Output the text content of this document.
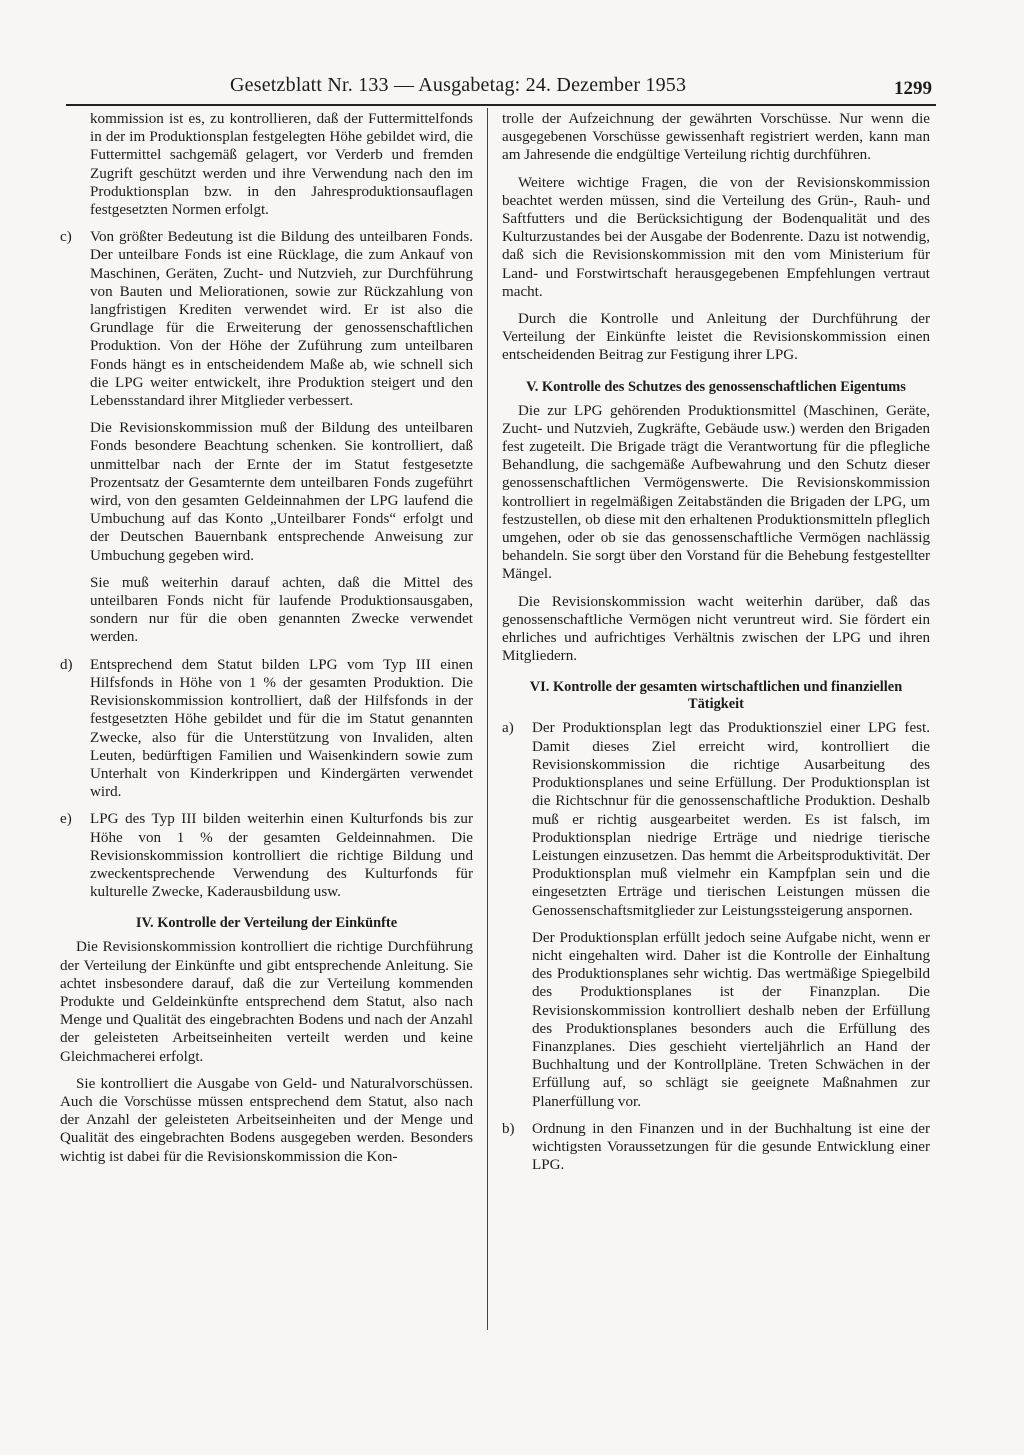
Gesetzblatt Nr. 133 — Ausgabetag: 24. Dezember 1953	1299

kommission ist es, zu kontrollieren, daß der Futtermittelfonds in der im Produktionsplan festgelegten Höhe gebildet wird, die Futtermittel sachgemäß gelagert, vor Verderb und fremden Zugrift geschützt werden und ihre Verwendung nach den im Produktionsplan bzw. in den Jahresproduktionsauflagen festgesetzten Normen erfolgt.

c)	Von größter Bedeutung ist die Bildung des unteilbaren Fonds. Der unteilbare Fonds ist eine Rücklage, die zum Ankauf von Maschinen, Geräten, Zucht- und Nutzvieh, zur Durchführung von Bauten und Meliorationen, sowie zur Rückzahlung von langfristigen Krediten verwendet wird. Er ist also die Grundlage für die Erweiterung der genossenschaftlichen Produktion. Von der Höhe der Zuführung zum unteilbaren Fonds hängt es in entscheidendem Maße ab, wie schnell sich die LPG weiter entwickelt, ihre Produktion steigert und den Lebensstandard ihrer Mitglieder verbessert.

Die Revisionskommission muß der Bildung des unteilbaren Fonds besondere Beachtung schenken. Sie kontrolliert, daß unmittelbar nach der Ernte der im Statut festgesetzte Prozentsatz der Gesamternte dem unteilbaren Fonds zugeführt wird, von den gesamten Geldeinnahmen der LPG laufend die Umbuchung auf das Konto „Unteilbarer Fonds“ erfolgt und der Deutschen Bauernbank entsprechende Anweisung zur Umbuchung gegeben wird.

Sie muß weiterhin darauf achten, daß die Mittel des unteilbaren Fonds nicht für laufende Produktionsausgaben, sondern nur für die oben genannten Zwecke verwendet werden.

d)	Entsprechend dem Statut bilden LPG vom Typ III einen Hilfsfonds in Höhe von 1 % der gesamten Produktion. Die Revisionskommission kontrolliert, daß der Hilfsfonds in der festgesetzten Höhe gebildet und für die im Statut genannten Zwecke, also für die Unterstützung von Invaliden, alten Leuten, bedürftigen Familien und Waisenkindern sowie zum Unterhalt von Kinderkrippen und Kindergärten verwendet wird.

e)	LPG des Typ III bilden weiterhin einen Kulturfonds bis zur Höhe von 1 % der gesamten Geldeinnahmen. Die Revisionskommission kontrolliert die richtige Bildung und zweckentsprechende Verwendung des Kulturfonds für kulturelle Zwecke, Kaderausbildung usw.

IV. Kontrolle der Verteilung der Einkünfte

Die Revisionskommission kontrolliert die richtige Durchführung der Verteilung der Einkünfte und gibt entsprechende Anleitung. Sie achtet insbesondere darauf, daß die zur Verteilung kommenden Produkte und Geldeinkünfte entsprechend dem Statut, also nach Menge und Qualität des eingebrachten Bodens und nach der Anzahl der geleisteten Arbeitseinheiten verteilt werden und keine Gleichmacherei erfolgt.

Sie kontrolliert die Ausgabe von Geld- und Naturalvorschüssen. Auch die Vorschüsse müssen entsprechend dem Statut, also nach der Anzahl der geleisteten Arbeitseinheiten und der Menge und Qualität des eingebrachten Bodens ausgegeben werden. Besonders wichtig ist dabei für die Revisionskommission die Kon-

trolle der Aufzeichnung der gewährten Vorschüsse. Nur wenn die ausgegebenen Vorschüsse gewissenhaft registriert werden, kann man am Jahresende die endgültige Verteilung richtig durchführen.

Weitere wichtige Fragen, die von der Revisionskommission beachtet werden müssen, sind die Verteilung des Grün-, Rauh- und Saftfutters und die Berücksichtigung der Bodenqualität und des Kulturzustandes bei der Ausgabe der Bodenrente. Dazu ist notwendig, daß sich die Revisionskommission mit den vom Ministerium für Land- und Forstwirtschaft herausgegebenen Empfehlungen vertraut macht.

Durch die Kontrolle und Anleitung der Durchführung der Verteilung der Einkünfte leistet die Revisionskommission einen entscheidenden Beitrag zur Festigung ihrer LPG.

V. Kontrolle des Schutzes des genossenschaftlichen Eigentums

Die zur LPG gehörenden Produktionsmittel (Maschinen, Geräte, Zucht- und Nutzvieh, Zugkräfte, Gebäude usw.) werden den Brigaden fest zugeteilt. Die Brigade trägt die Verantwortung für die pflegliche Behandlung, die sachgemäße Aufbewahrung und den Schutz dieser genossenschaftlichen Vermögenswerte. Die Revisionskommission kontrolliert in regelmäßigen Zeitabständen die Brigaden der LPG, um festzustellen, ob diese mit den erhaltenen Produktionsmitteln pfleglich umgehen, oder ob sie das genossenschaftliche Vermögen nachlässig behandeln. Sie sorgt über den Vorstand für die Behebung festgestellter Mängel.

Die Revisionskommission wacht weiterhin darüber, daß das genossenschaftliche Vermögen nicht veruntreut wird. Sie fördert ein ehrliches und aufrichtiges Verhältnis zwischen der LPG und ihren Mitgliedern.

VI. Kontrolle der gesamten wirtschaftlichen und finanziellen Tätigkeit
a)	Der Produktionsplan legt das Produktionsziel einer LPG fest. Damit dieses Ziel erreicht wird, kontrolliert die Revisionskommission die richtige Ausarbeitung des Produktionsplanes und seine Erfüllung. Der Produktionsplan ist die Richtschnur für die genossenschaftliche Produktion. Deshalb muß er richtig ausgearbeitet werden. Es ist falsch, im Produktionsplan niedrige Erträge und niedrige tierische Leistungen einzusetzen. Das hemmt die Arbeitsproduktivität. Der Produktionsplan muß vielmehr ein Kampfplan sein und die eingesetzten Erträge und tierischen Leistungen müssen die Genossenschaftsmitglieder zur Leistungssteigerung anspornen.

Der Produktionsplan erfüllt jedoch seine Aufgabe nicht, wenn er nicht eingehalten wird. Daher ist die Kontrolle der Einhaltung des Produktionsplanes sehr wichtig. Das wertmäßige Spiegelbild des Produktionsplanes ist der Finanzplan. Die Revisionskommission kontrolliert deshalb neben der Erfüllung des Produktionsplanes besonders auch die Erfüllung des Finanzplanes. Dies geschieht vierteljährlich an Hand der Buchhaltung und der Kontrollpläne. Treten Schwächen in der Erfüllung auf, so schlägt sie geeignete Maßnahmen zur Planerfüllung vor.

b)	Ordnung in den Finanzen und in der Buchhaltung ist eine der wichtigsten Voraussetzungen für die gesunde Entwicklung einer LPG.
